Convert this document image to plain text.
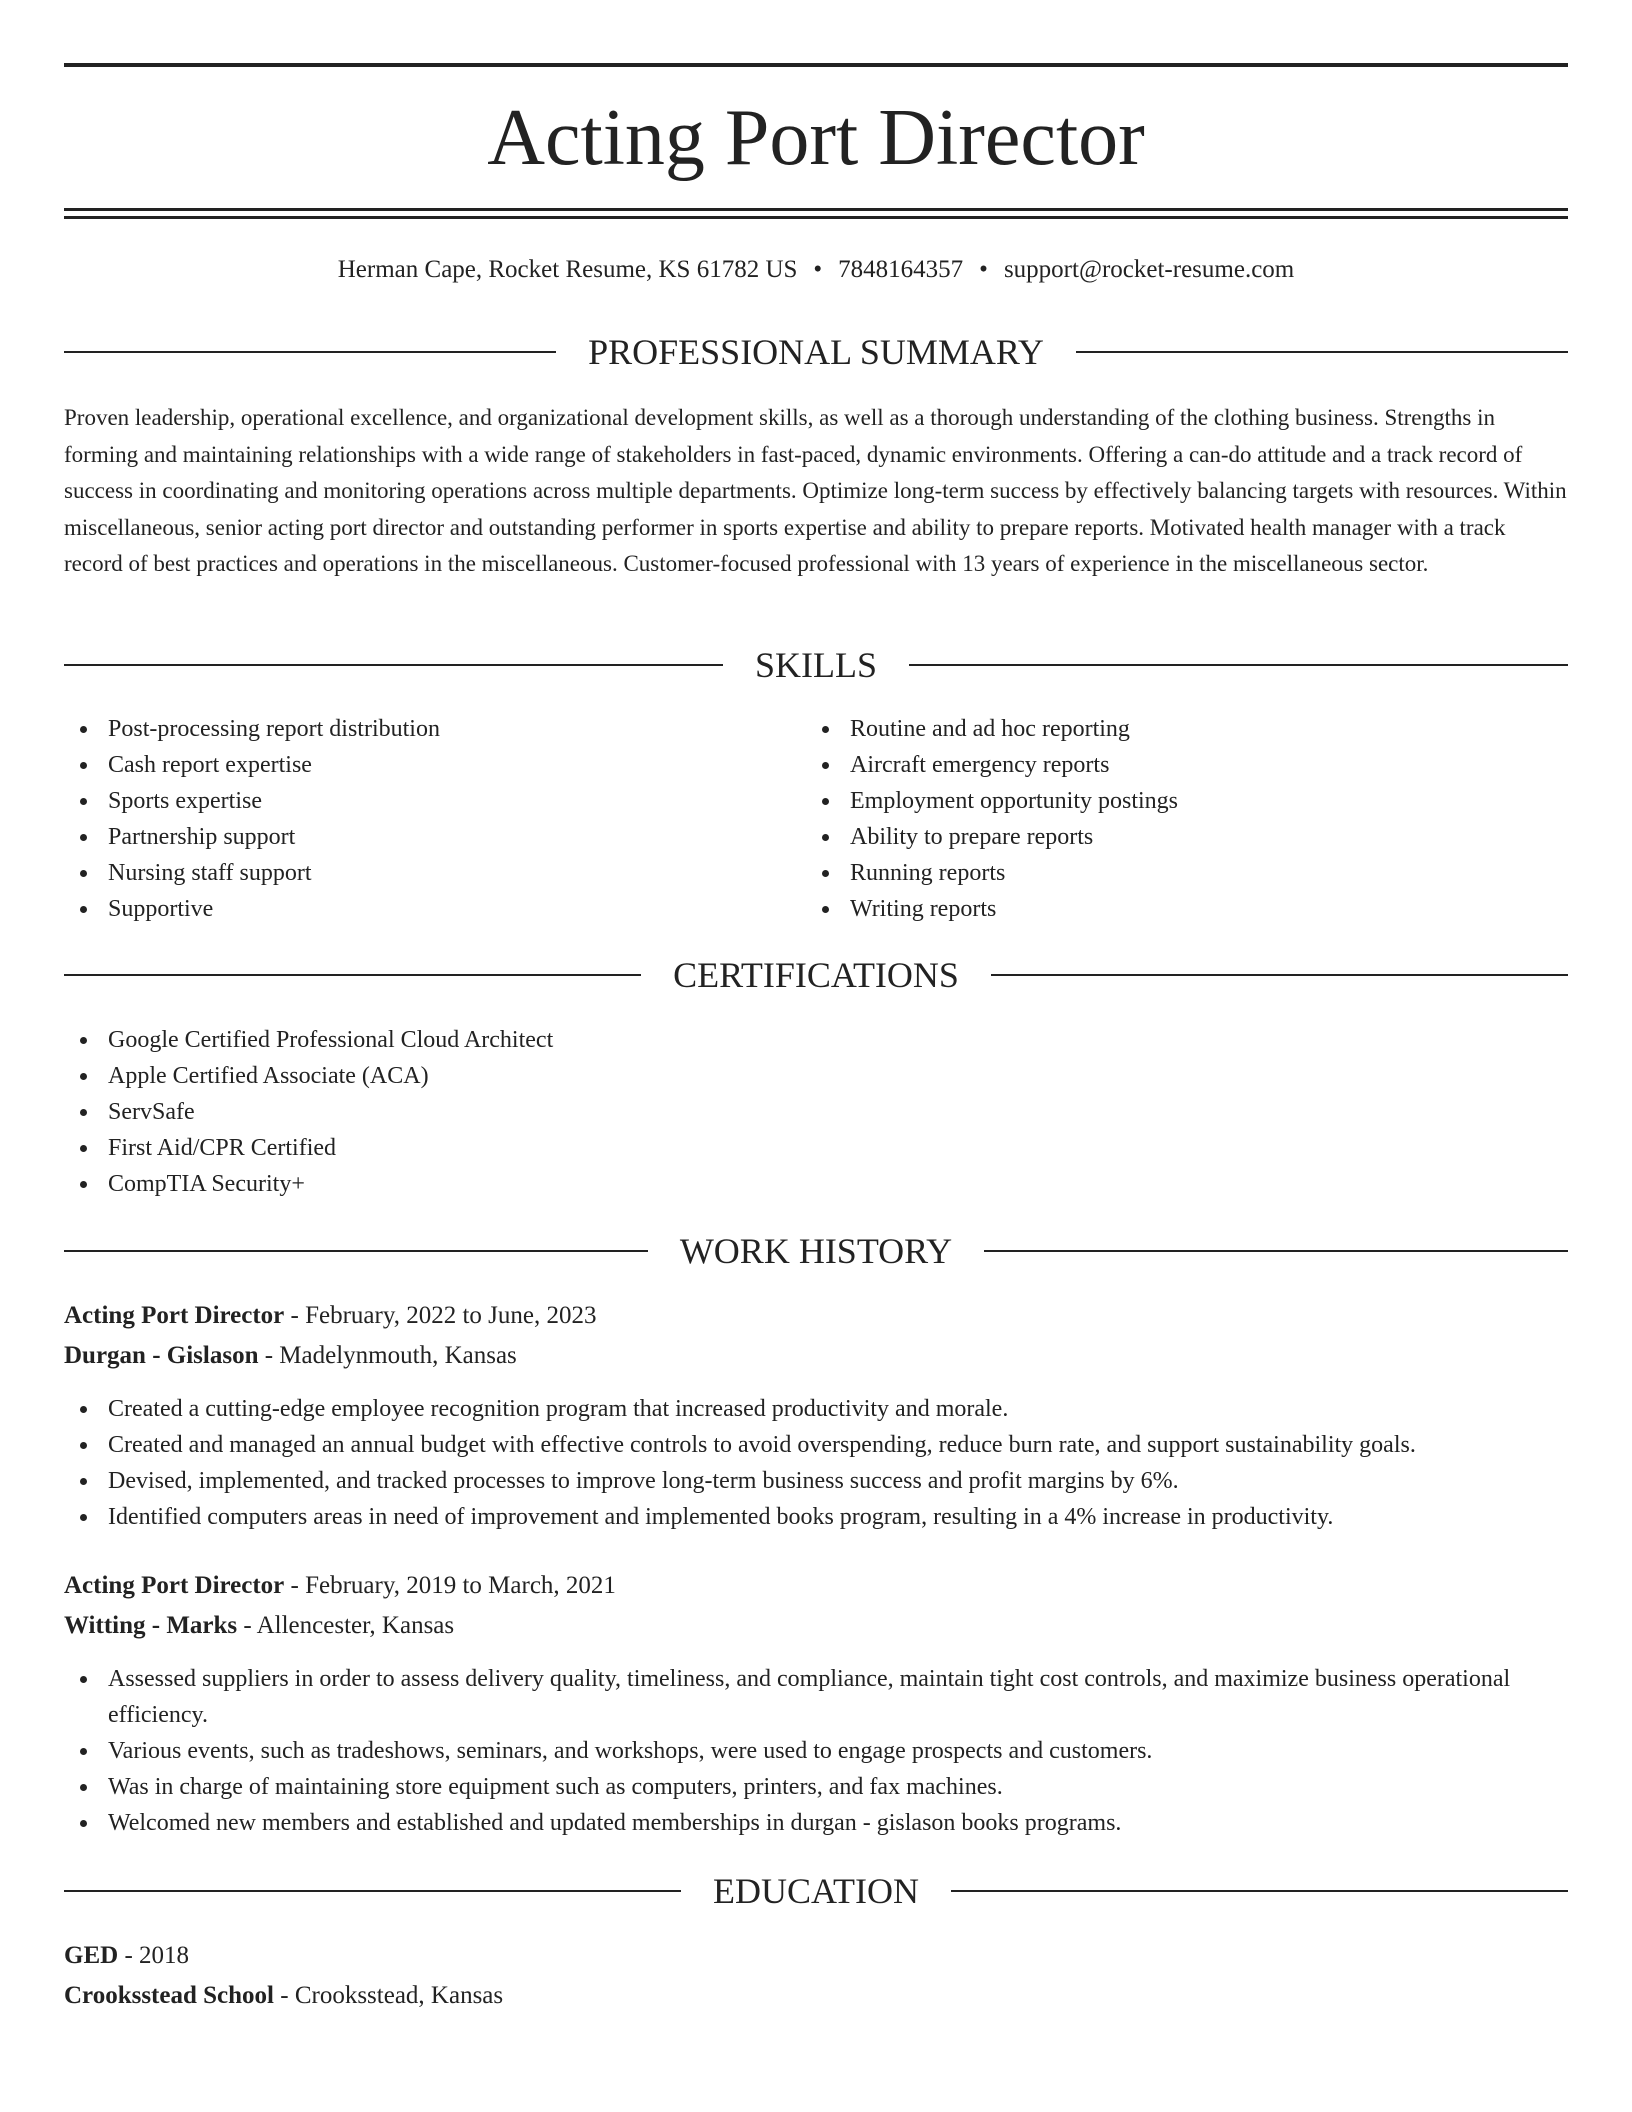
Acting Port Director
Herman Cape, Rocket Resume, KS 61782 US • 7848164357 • support@rocket-resume.com
PROFESSIONAL SUMMARY

Proven leadership, operational excellence, and organizational development skills, as well as a thorough understanding of the clothing business. Strengths in forming and maintaining relationships with a wide range of stakeholders in fast-paced, dynamic environments. Offering a can-do attitude and a track record of success in coordinating and monitoring operations across multiple departments. Optimize long-term success by effectively balancing targets with resources. Within miscellaneous, senior acting port director and outstanding performer in sports expertise and ability to prepare reports. Motivated health manager with a track record of best practices and operations in the miscellaneous. Customer-focused professional with 13 years of experience in the miscellaneous sector.

SKILLS
Post-processing report distribution
Cash report expertise
Sports expertise
Partnership support
Nursing staff support
Supportive
Routine and ad hoc reporting
Aircraft emergency reports
Employment opportunity postings
Ability to prepare reports
Running reports
Writing reports
CERTIFICATIONS
Google Certified Professional Cloud Architect
Apple Certified Associate (ACA)
ServSafe
First Aid/CPR Certified
CompTIA Security+
WORK HISTORY
Acting Port Director - February, 2022 to June, 2023
Durgan - Gislason - Madelynmouth, Kansas
Created a cutting-edge employee recognition program that increased productivity and morale.
Created and managed an annual budget with effective controls to avoid overspending, reduce burn rate, and support sustainability goals.
Devised, implemented, and tracked processes to improve long-term business success and profit margins by 6%.
Identified computers areas in need of improvement and implemented books program, resulting in a 4% increase in productivity.
Acting Port Director - February, 2019 to March, 2021
Witting - Marks - Allencester, Kansas
Assessed suppliers in order to assess delivery quality, timeliness, and compliance, maintain tight cost controls, and maximize business operational efficiency.
Various events, such as tradeshows, seminars, and workshops, were used to engage prospects and customers.
Was in charge of maintaining store equipment such as computers, printers, and fax machines.
Welcomed new members and established and updated memberships in durgan - gislason books programs.
EDUCATION
GED - 2018
Crooksstead School - Crooksstead, Kansas
